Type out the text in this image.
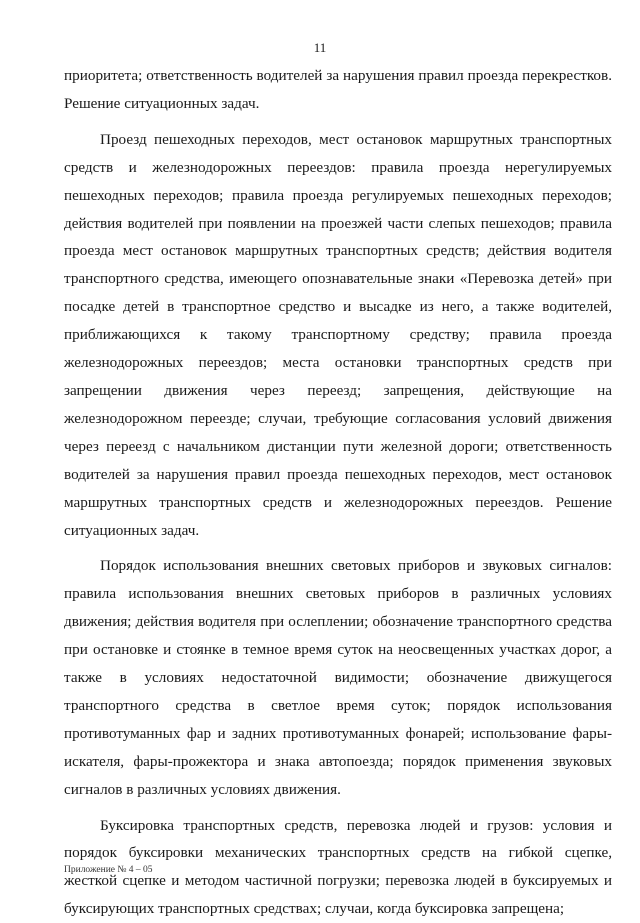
11

приоритета; ответственность водителей за нарушения правил проезда перекрестков. Решение ситуационных задач.

Проезд пешеходных переходов, мест остановок маршрутных транспортных средств и железнодорожных переездов: правила проезда нерегулируемых пешеходных переходов; правила проезда регулируемых пешеходных переходов; действия водителей при появлении на проезжей части слепых пешеходов; правила проезда мест остановок маршрутных транспортных средств; действия водителя транспортного средства, имеющего опознавательные знаки «Перевозка детей» при посадке детей в транспортное средство и высадке из него, а также водителей, приближающихся к такому транспортному средству; правила проезда железнодорожных переездов; места остановки транспортных средств при запрещении движения через переезд; запрещения, действующие на железнодорожном переезде; случаи, требующие согласования условий движения через переезд с начальником дистанции пути железной дороги; ответственность водителей за нарушения правил проезда пешеходных переходов, мест остановок маршрутных транспортных средств и железнодорожных переездов. Решение ситуационных задач.

Порядок использования внешних световых приборов и звуковых сигналов: правила использования внешних световых приборов в различных условиях движения; действия водителя при ослеплении; обозначение транспортного средства при остановке и стоянке в темное время суток на неосвещенных участках дорог, а также в условиях недостаточной видимости; обозначение движущегося транспортного средства в светлое время суток; порядок использования противотуманных фар и задних противотуманных фонарей; использование фары-искателя, фары-прожектора и знака автопоезда; порядок применения звуковых сигналов в различных условиях движения.

Буксировка транспортных средств, перевозка людей и грузов: условия и порядок буксировки механических транспортных средств на гибкой сцепке, жесткой сцепке и методом частичной погрузки; перевозка людей в буксируемых и буксирующих транспортных средствах; случаи, когда буксировка запрещена;

Приложение № 4 – 05
